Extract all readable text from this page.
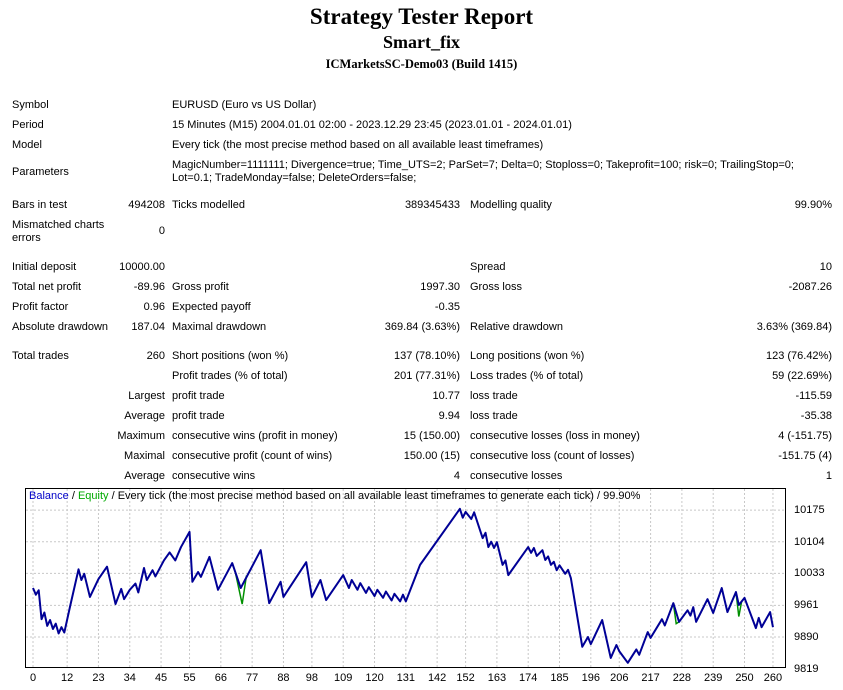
Strategy Tester Report
Smart_fix
ICMarketsSC-Demo03 (Build 1415)
Symbol	EURUSD (Euro vs US Dollar)
Period	15 Minutes (M15) 2004.01.01 02:00 - 2023.12.29 23:45 (2023.01.01 - 2024.01.01)
Model	Every tick (the most precise method based on all available least timeframes)
Parameters
MagicNumber=1111111; Divergence=true; Time_UTS=2; ParSet=7; Delta=0; Stoploss=0; Takeprofit=100; risk=0; TrailingStop=0; Lot=0.1; TradeMonday=false; DeleteOrders=false;
Bars in test	494208 Ticks modelled	389345433 Modelling quality	99.90%
Mismatched charts errors
0
Initial deposit	10000.00	Spread	10
Total net profit	-89.96 Gross profit	1997.30 Gross loss	-2087.26
Profit factor	0.96 Expected payoff	-0.35
Absolute drawdown	187.04 Maximal drawdown	369.84 (3.63%) Relative drawdown	3.63% (369.84)
Total trades	260 Short positions (won %)	137 (78.10%) Long positions (won %)	123 (76.42%)
Profit trades (% of total)	201 (77.31%) Loss trades (% of total)	59 (22.69%)
Largest profit trade	10.77 loss trade	-115.59
Average profit trade	9.94 loss trade	-35.38
Maximum consecutive wins (profit in money)	15 (150.00) consecutive losses (loss in money)	4 (-151.75)
Maximal consecutive profit (count of wins)	150.00 (15) consecutive loss (count of losses)	-151.75 (4)
Average consecutive wins	4 consecutive losses	1
Balance / Equity / Every tick (the most precise method based on all available least timeframes to generate each tick) / 99.90%
10175
10104
10033
9961
9890
9819
0	12	23	34	45	55	66	77	88	98	109	120	131	142 152	163	174	185	196 206	217	228	239	250 260
